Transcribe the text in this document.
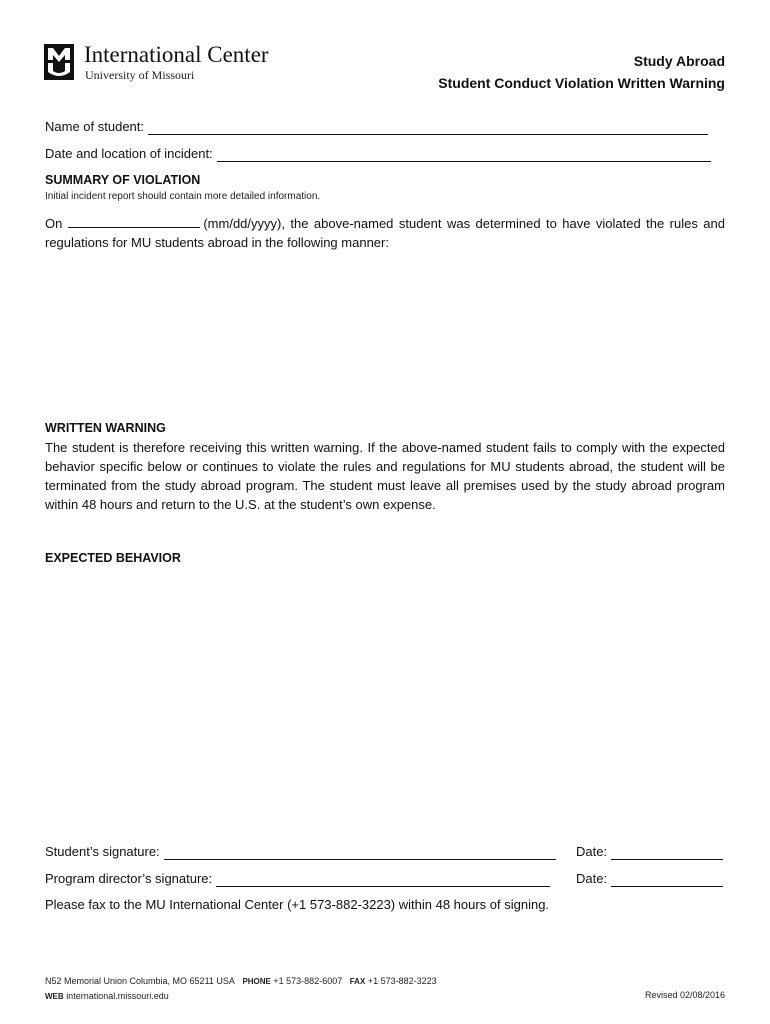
International Center
University of Missouri
Study Abroad
Student Conduct Violation Written Warning
Name of student:
Date and location of incident:
SUMMARY OF VIOLATION
Initial incident report should contain more detailed information.
On	(mm/dd/yyyy), the above-named student was determined to have violated the rules and regulations for MU students abroad in the following manner:
WRITTEN WARNING
The student is therefore receiving this written warning. If the above-named student fails to comply with the expected behavior specific below or continues to violate the rules and regulations for MU students abroad, the student will be terminated from the study abroad program. The student must leave all premises used by the study abroad program within 48 hours and return to the U.S. at the student’s own expense.
EXPECTED BEHAVIOR
Student’s signature:	Date:
Program director’s signature:	Date:
Please fax to the MU International Center (+1 573-882-3223) within 48 hours of signing.
N52 Memorial Union Columbia, MO 65211 USA PHONE +1 573-882-6007 FAX +1 573-882-3223
WEB international.missouri.edu	Revised 02/08/2016
